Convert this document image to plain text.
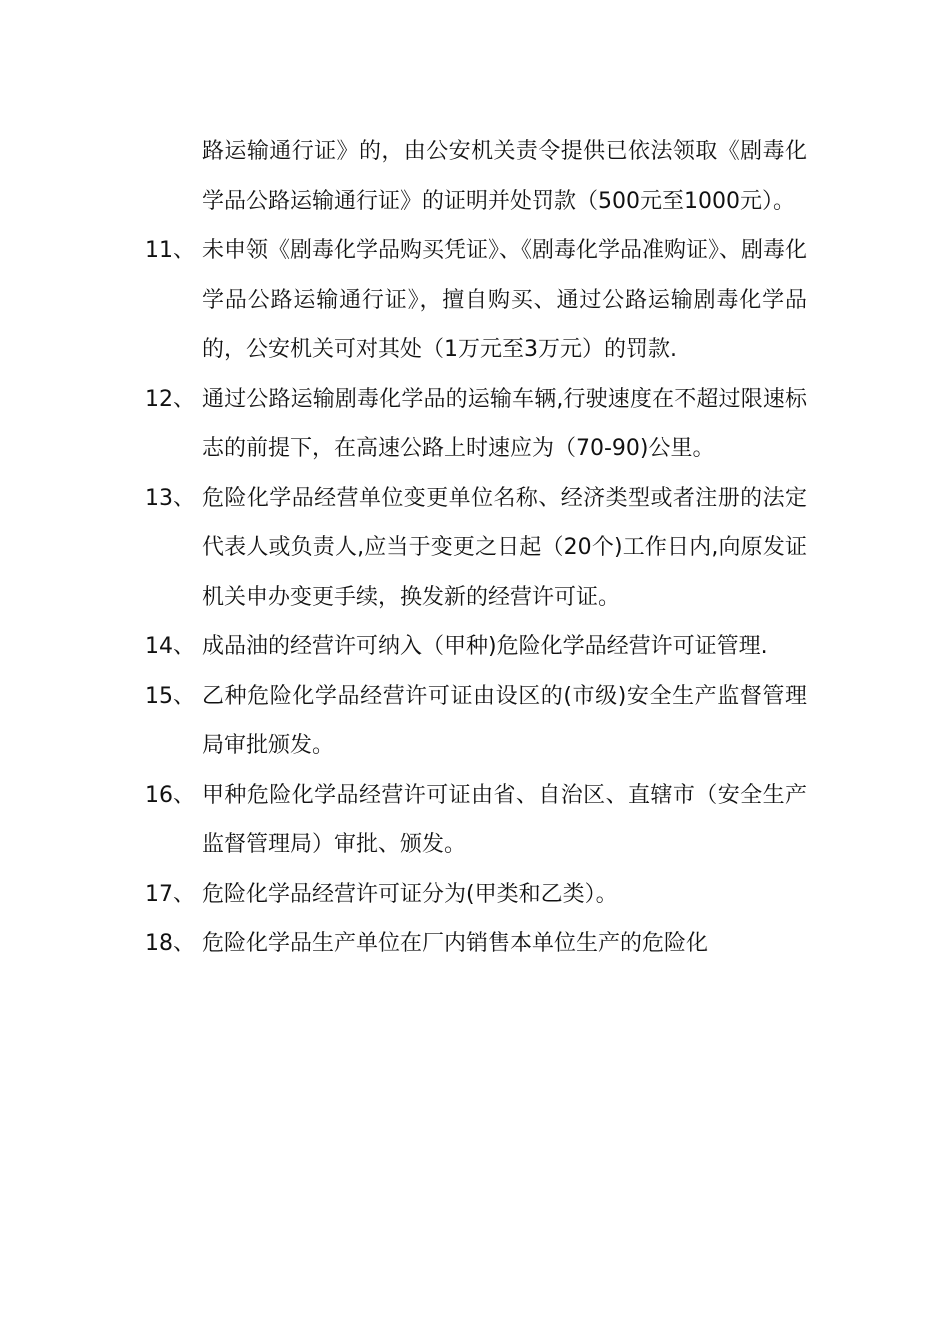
路运输通行证》的，由公安机关责令提供已依法领取《剧毒化学品公路运输通行证》的证明并处罚款（500元至1000元）。
11、 未申领《剧毒化学品购买凭证》、《剧毒化学品准购证》、剧毒化学品公路运输通行证》，擅自购买、通过公路运输剧毒化学品的，公安机关可对其处（1万元至3万元）的罚款.
12、 通过公路运输剧毒化学品的运输车辆,行驶速度在不超过限速标志的前提下，在高速公路上时速应为（70-90)公里。
13、 危险化学品经营单位变更单位名称、经济类型或者注册的法定代表人或负责人,应当于变更之日起（20个)工作日内,向原发证机关申办变更手续，换发新的经营许可证。
14、 成品油的经营许可纳入（甲种)危险化学品经营许可证管理.
15、 乙种危险化学品经营许可证由设区的(市级)安全生产监督管理局审批颁发。
16、 甲种危险化学品经营许可证由省、自治区、直辖市（安全生产监督管理局）审批、颁发。
17、 危险化学品经营许可证分为(甲类和乙类）。
18、 危险化学品生产单位在厂内销售本单位生产的危险化
